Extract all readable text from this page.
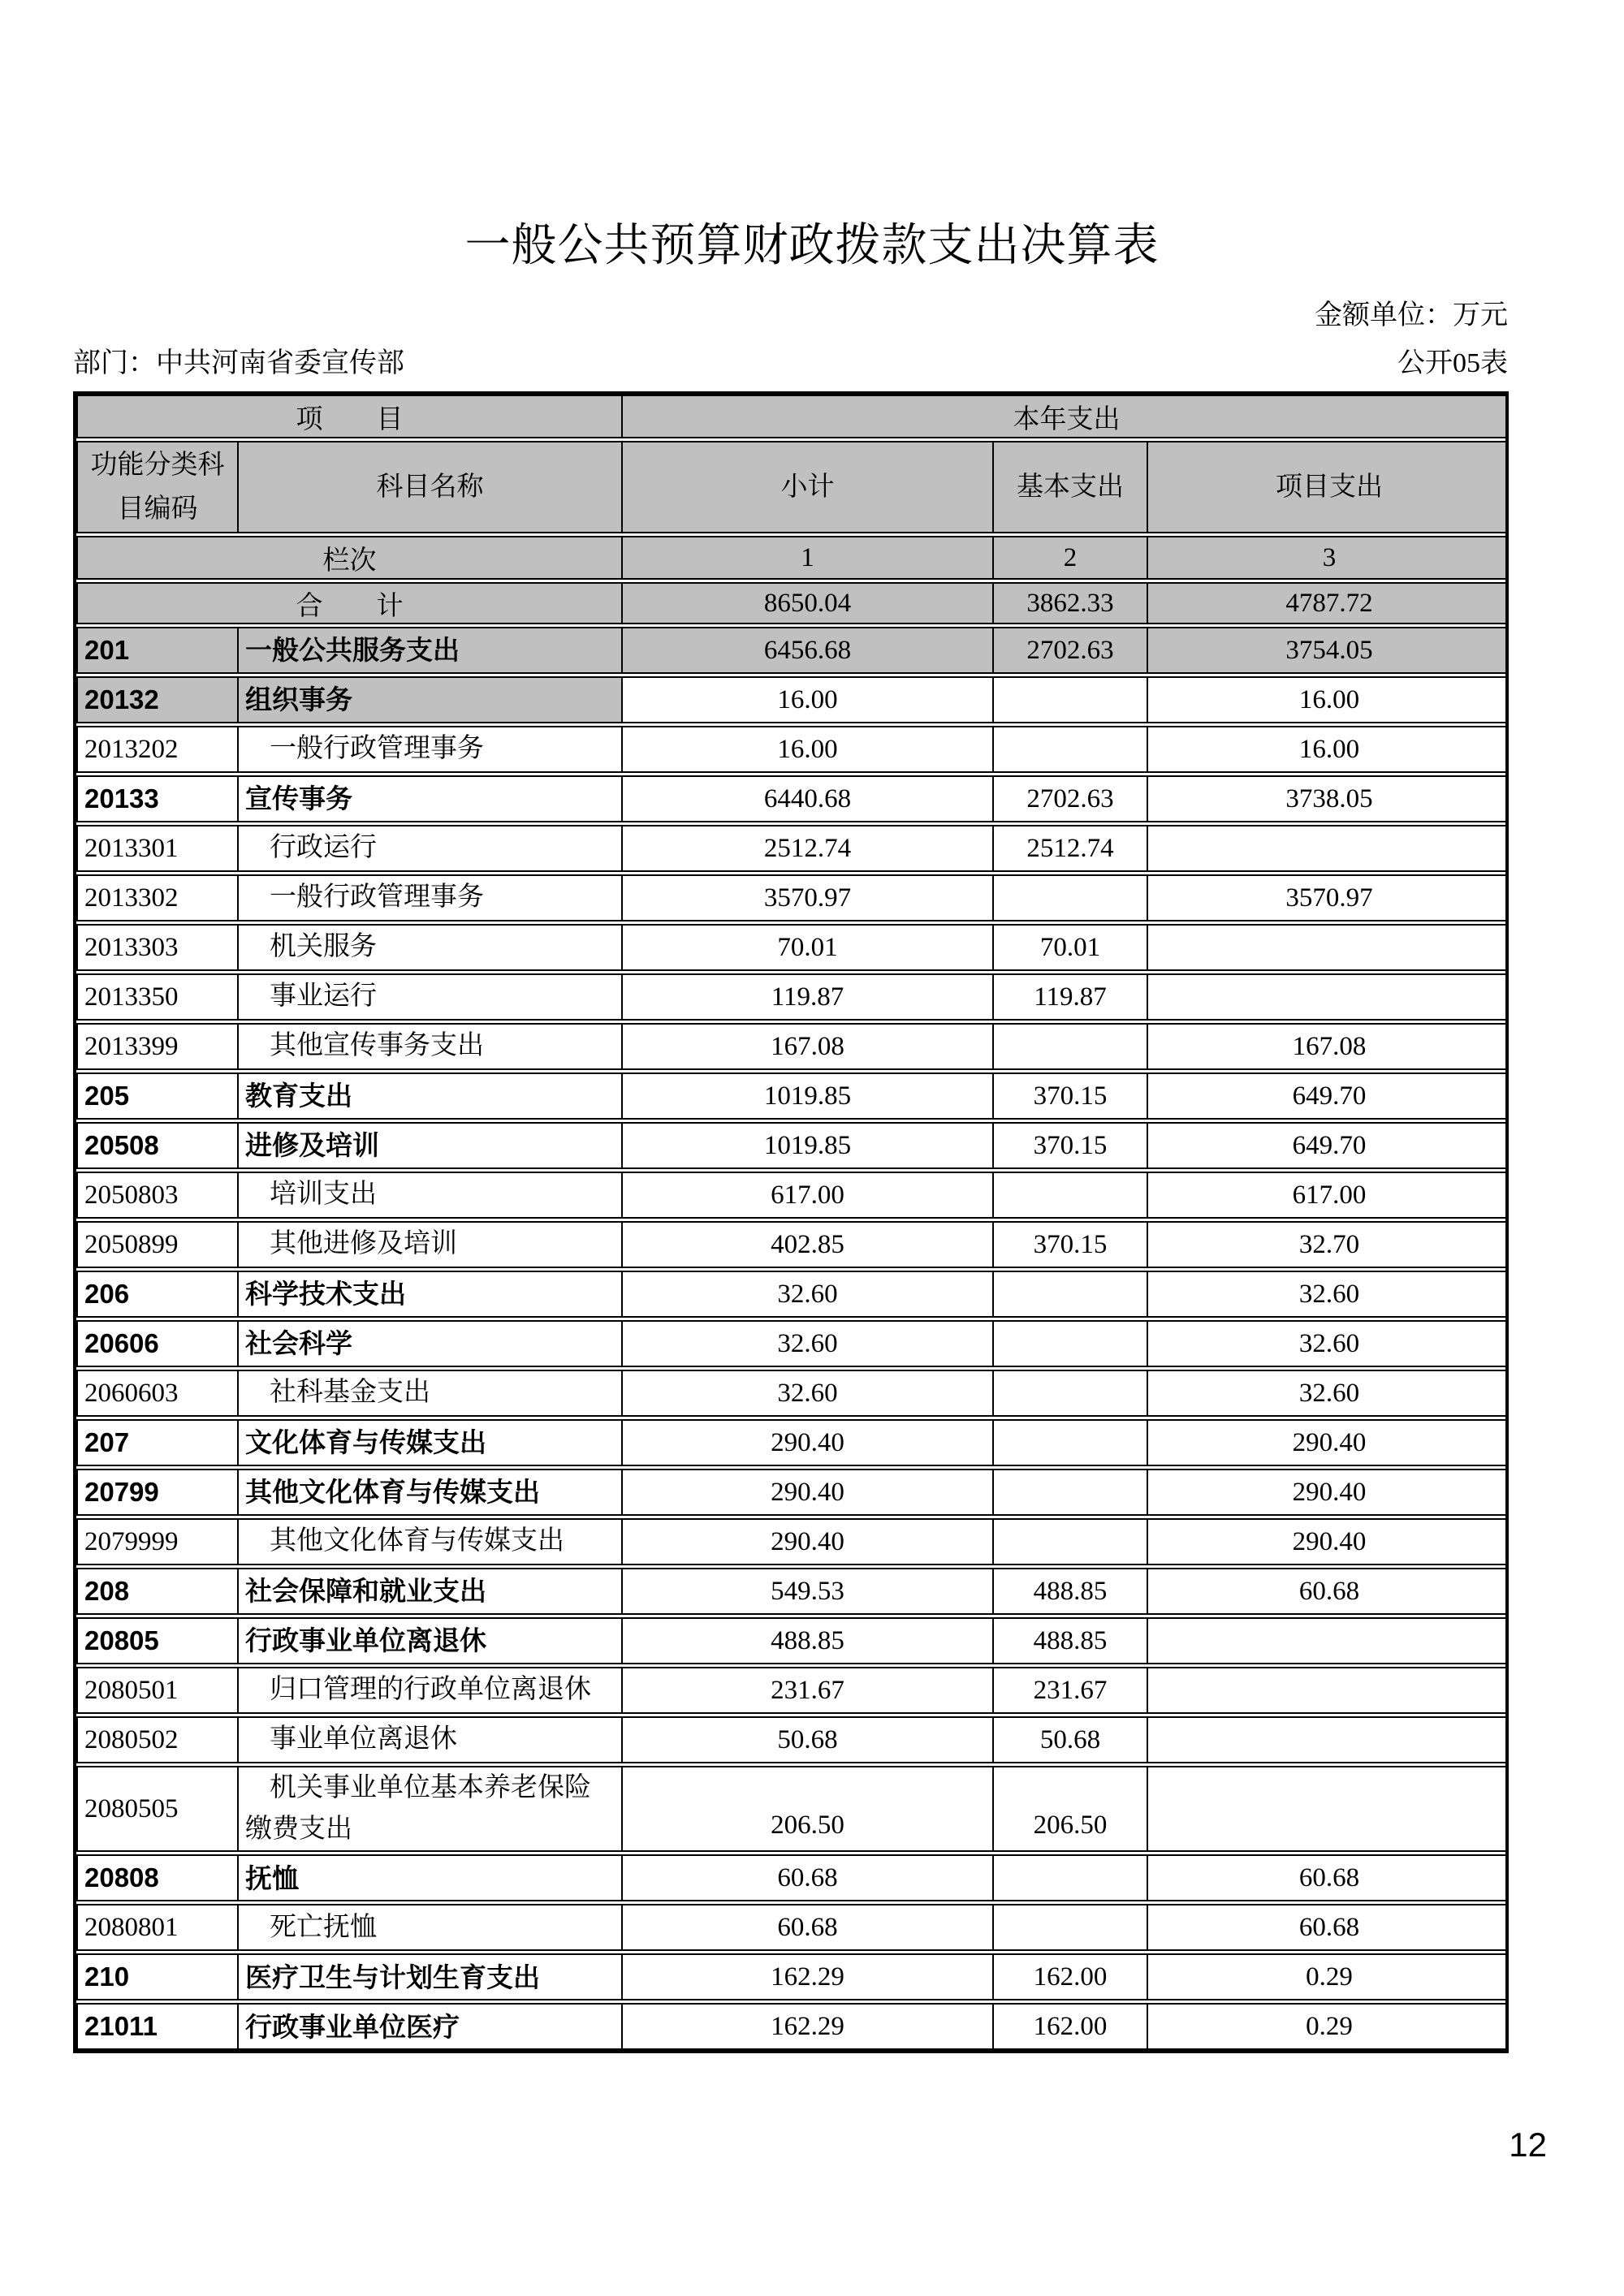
一般公共预算财政拨款支出决算表
金额单位：万元
部门：中共河南省委宣传部	公开05表
项　　目		本年支出		
功能分类科目编码	科目名称	小计	基本支出	项目支出
栏次		1	2	3
合　　计		8650.04	3862.33	4787.72
201	一般公共服务支出	6456.68	2702.63	3754.05
20132	组织事务	16.00		16.00
2013202	一般行政管理事务	16.00		16.00
20133	宣传事务	6440.68	2702.63	3738.05
2013301	行政运行	2512.74	2512.74	
2013302	一般行政管理事务	3570.97		3570.97
2013303	机关服务	70.01	70.01	
2013350	事业运行	119.87	119.87	
2013399	其他宣传事务支出	167.08		167.08
205	教育支出	1019.85	370.15	649.70
20508	进修及培训	1019.85	370.15	649.70
2050803	培训支出	617.00		617.00
2050899	其他进修及培训	402.85	370.15	32.70
206	科学技术支出	32.60		32.60
20606	社会科学	32.60		32.60
2060603	社科基金支出	32.60		32.60
207	文化体育与传媒支出	290.40		290.40
20799	其他文化体育与传媒支出	290.40		290.40
2079999	其他文化体育与传媒支出	290.40		290.40
208	社会保障和就业支出	549.53	488.85	60.68
20805	行政事业单位离退休	488.85	488.85	
2080501	归口管理的行政单位离退休	231.67	231.67	
2080502	事业单位离退休	50.68	50.68	
2080505	机关事业单位基本养老保险缴费支出	206.50	206.50	
20808	抚恤	60.68		60.68
2080801	死亡抚恤	60.68		60.68
210	医疗卫生与计划生育支出	162.29	162.00	0.29
21011	行政事业单位医疗	162.29	162.00	0.29
12
